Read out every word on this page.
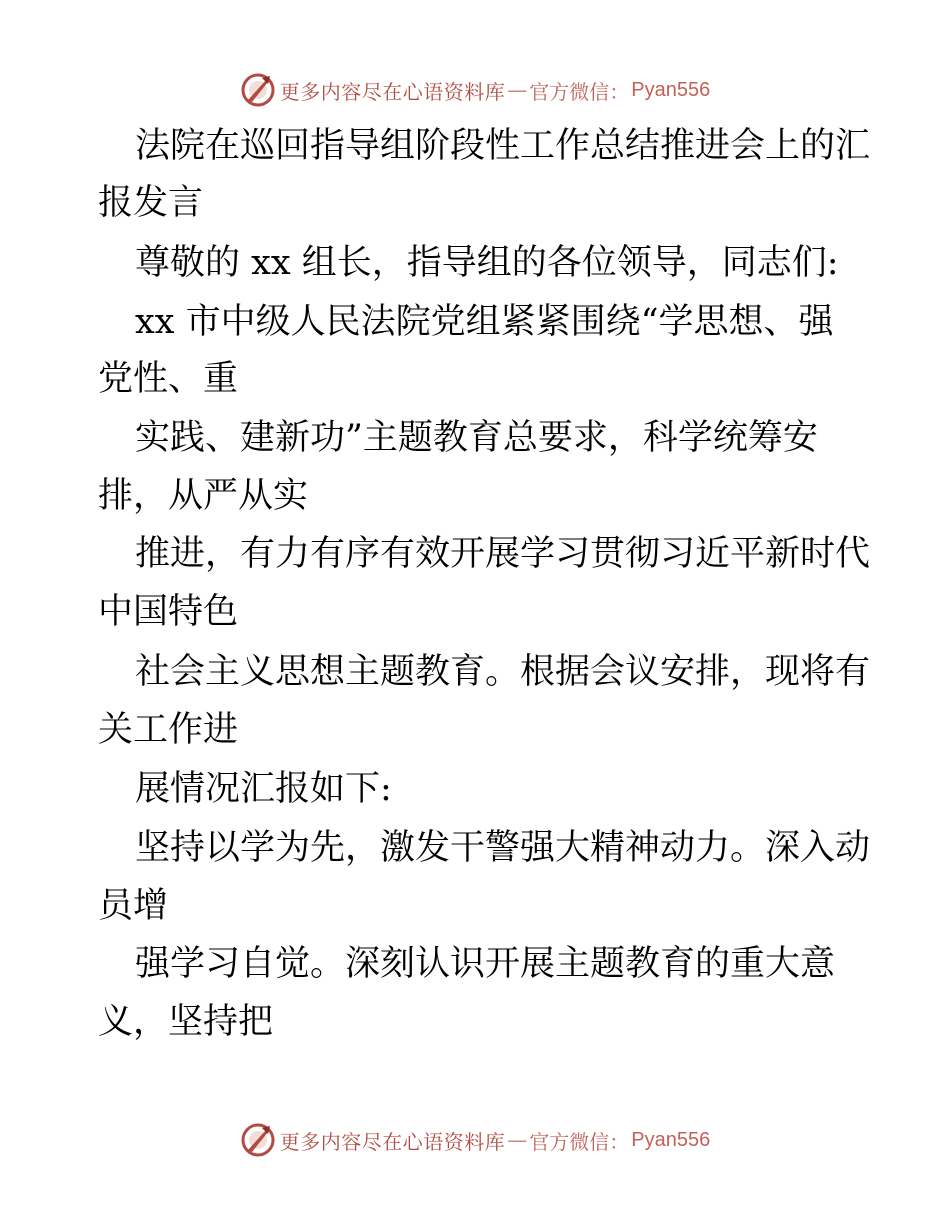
更多内容尽在心语资料库 — 官方微信： Pyan556
法院在巡回指导组阶段性工作总结推进会上的汇
报发言
尊敬的 xx 组长，指导组的各位领导，同志们:
xx 市中级人民法院党组紧紧围绕“学思想、强
党性、重
实践、建新功”主题教育总要求，科学统筹安
排，从严从实
推进，有力有序有效开展学习贯彻习近平新时代
中国特色
社会主义思想主题教育。根据会议安排，现将有
关工作进
展情况汇报如下:
坚持以学为先，激发干警强大精神动力。深入动
员增
强学习自觉。深刻认识开展主题教育的重大意
义，坚持把
更多内容尽在心语资料库 — 官方微信： Pyan556
